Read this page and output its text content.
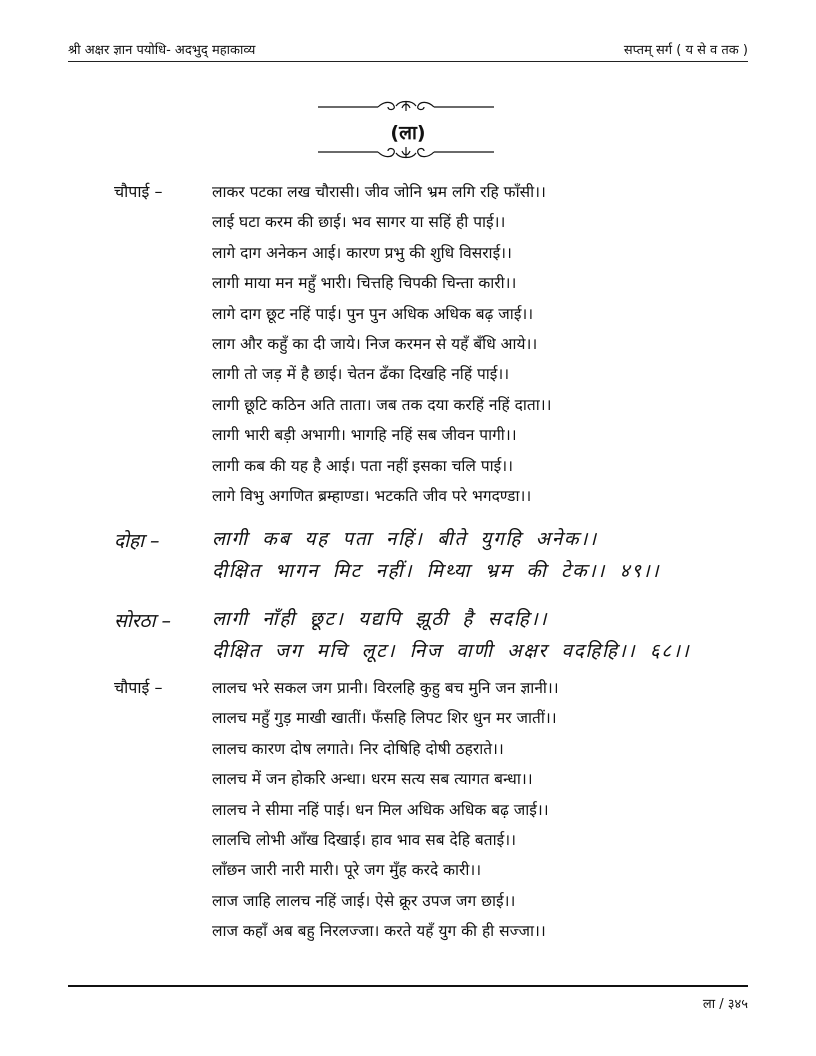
श्री अक्षर ज्ञान पयोधि- अदभुद् महाकाव्य	सप्तम् सर्ग ( य से व तक )
(ला)
चौपाई –	लाकर पटका लख चौरासी। जीव जोनि भ्रम लगि रहि फाँसी।।
लाई घटा करम की छाई। भव सागर या सहिं ही पाई।।
लागे दाग अनेकन आई। कारण प्रभु की शुधि विसराई।।
लागी माया मन महुँ भारी। चित्तहि चिपकी चिन्ता कारी।।
लागे दाग छूट नहिं पाई। पुन पुन अधिक अधिक बढ़ जाई।।
लाग और कहुँ का दी जाये। निज करमन से यहँ बँधि आये।।
लागी तो जड़ में है छाई। चेतन ढँका दिखहि नहिं पाई।।
लागी छूटि कठिन अति ताता। जब तक दया करहिं नहिं दाता।।
लागी भारी बड़ी अभागी। भागहि नहिं सब जीवन पागी।।
लागी कब की यह है आई। पता नहीं इसका चलि पाई।।
लागे विभु अगणित ब्रम्हाण्डा। भटकति जीव परे भगदण्डा।।
दोहा –	लागी कब यह पता नहिं। बीते युगहि अनेक।।
दीक्षित भागन मिट नहीं। मिथ्या भ्रम की टेक।। ४९।।
सोरठा – लागी नाँही छूट। यद्यपि झूठी है सदहि।।
दीक्षित जग मचि लूट। निज वाणी अक्षर वदहिहि।। ६८।।
चौपाई –	लालच भरे सकल जग प्रानी। विरलहि कुहु बच मुनि जन ज्ञानी।।
लालच महुँ गुड़ माखी खातीं। फँसहि लिपट शिर धुन मर जातीं।।
लालच कारण दोष लगाते। निर दोषिहि दोषी ठहराते।।
लालच में जन होकरि अन्धा। धरम सत्य सब त्यागत बन्धा।।
लालच ने सीमा नहिं पाई। धन मिल अधिक अधिक बढ़ जाई।।
लालचि लोभी आँख दिखाई। हाव भाव सब देहि बताई।।
लाँछन जारी नारी मारी। पूरे जग मुँह करदे कारी।।
लाज जाहि लालच नहिं जाई। ऐसे क्रूर उपज जग छाई।।
लाज कहाँ अब बहु निरलज्जा। करते यहँ युग की ही सज्जा।।
ला / ३४५
